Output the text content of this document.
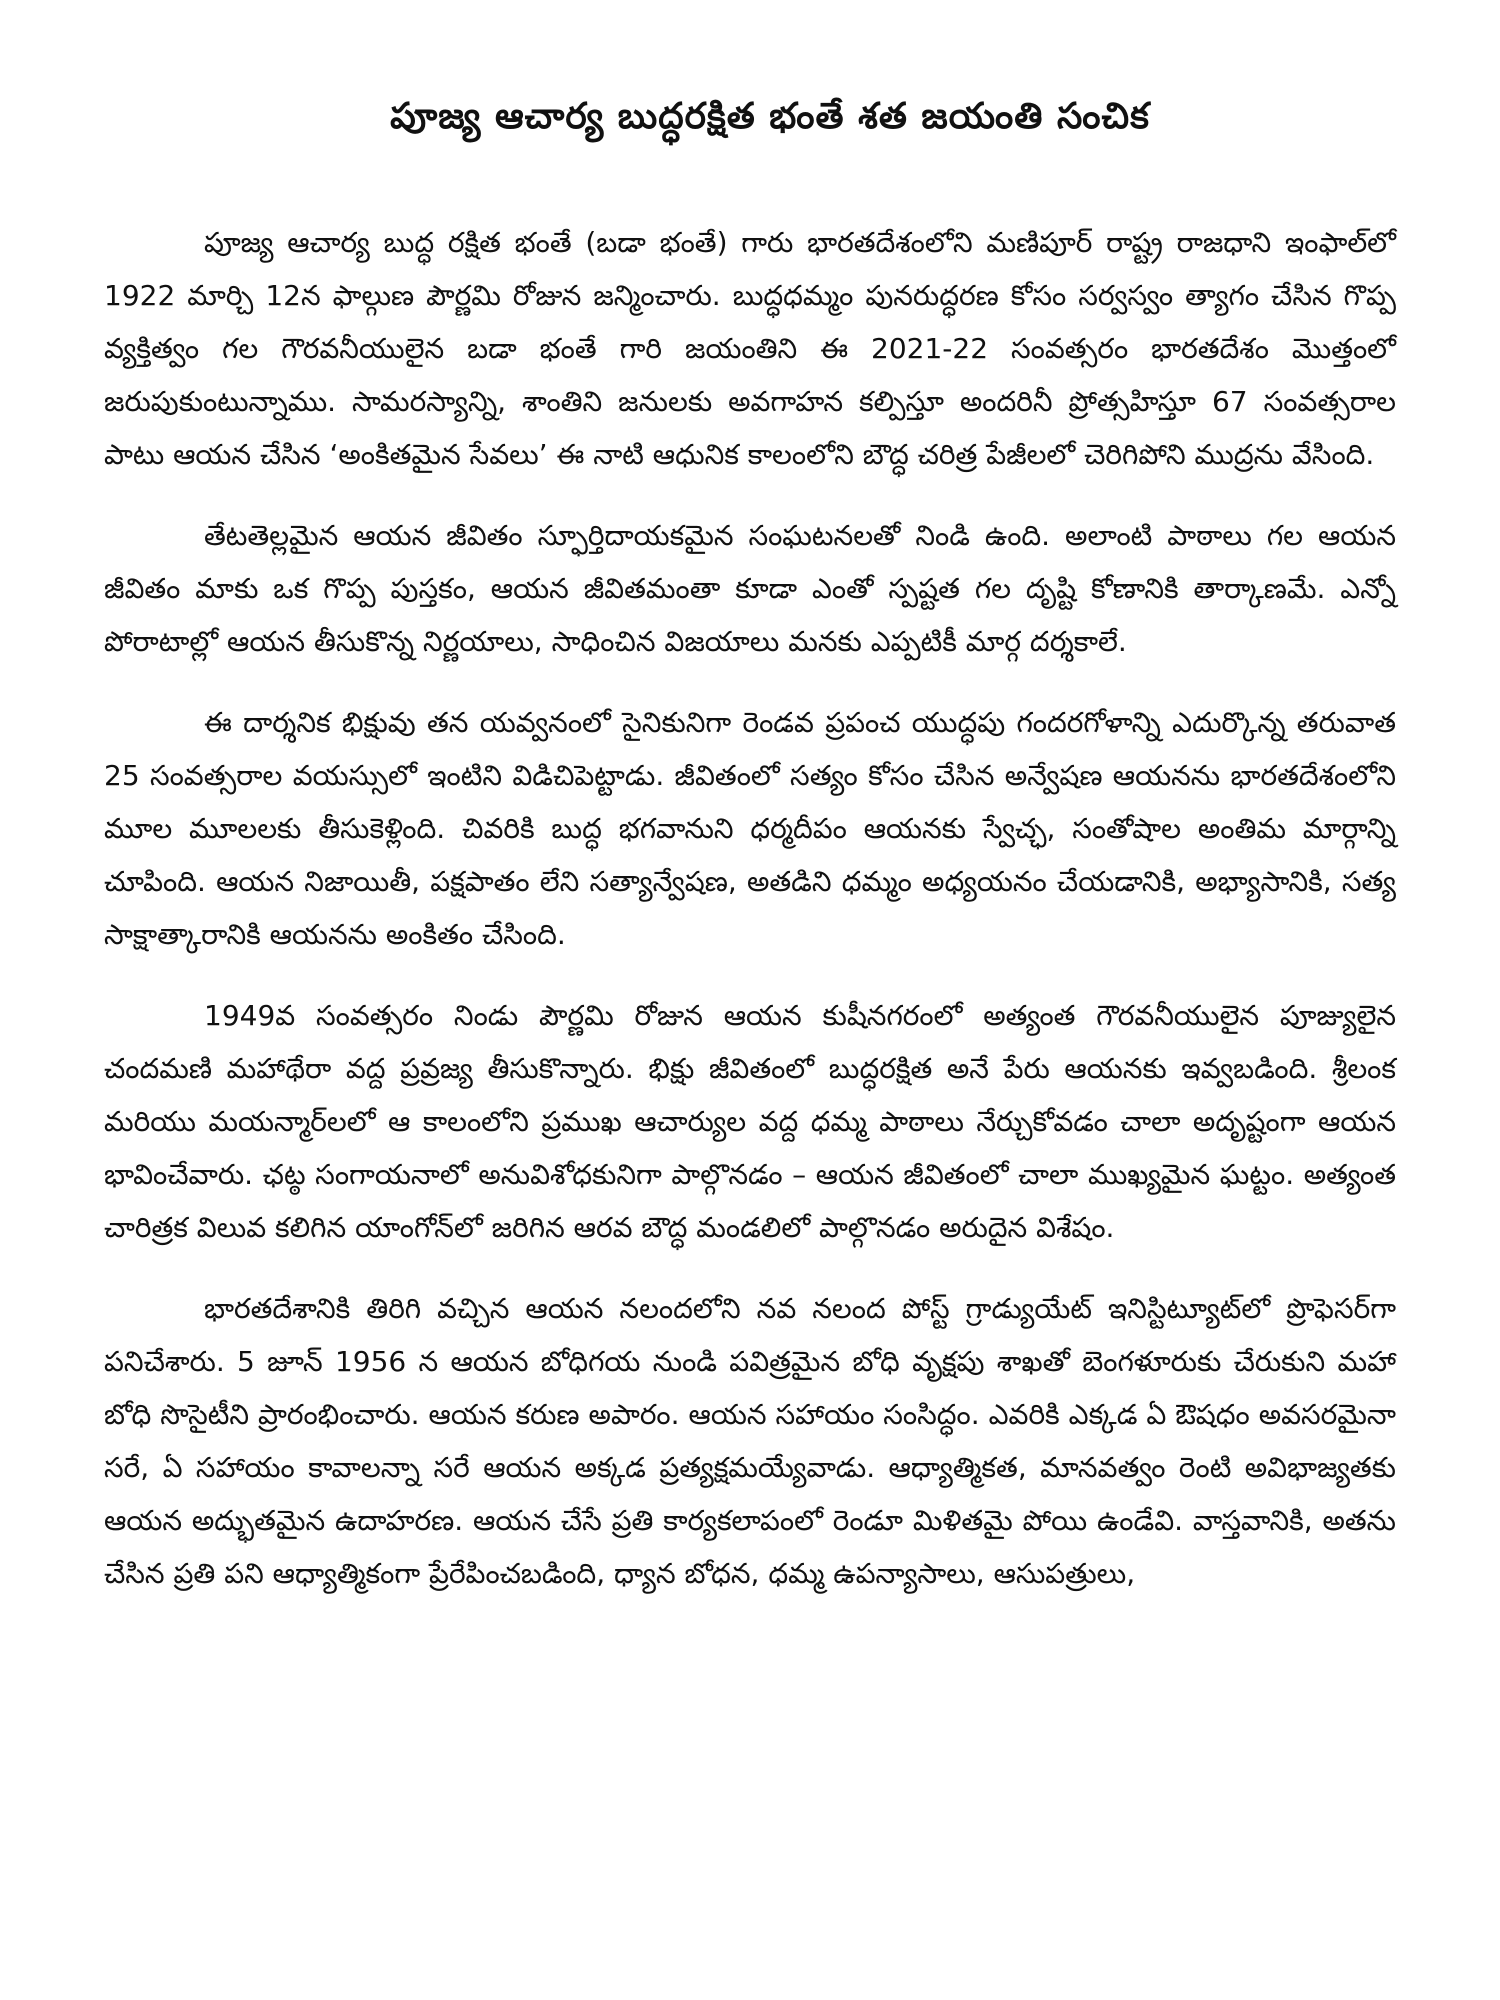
పూజ్య ఆచార్య బుద్ధరక్షిత భంతే శత జయంతి సంచిక

పూజ్య ఆచార్య బుద్ధ రక్షిత భంతే (బడా భంతే) గారు భారతదేశంలోని మణిపూర్ రాష్ట్ర రాజధాని ఇంఫాల్‌లో 1922 మార్చి 12న ఫాల్గుణ పౌర్ణమి రోజున జన్మించారు. బుద్ధధమ్మం పునరుద్ధరణ కోసం సర్వస్వం త్యాగం చేసిన గొప్ప వ్యక్తిత్వం గల గౌరవనీయులైన బడా భంతే గారి జయంతిని ఈ 2021-22 సంవత్సరం భారతదేశం మొత్తంలో జరుపుకుంటున్నాము. సామరస్యాన్ని, శాంతిని జనులకు అవగాహన కల్పిస్తూ అందరినీ ప్రోత్సహిస్తూ 67 సంవత్సరాల పాటు ఆయన చేసిన ‘అంకితమైన సేవలు’ ఈ నాటి ఆధునిక కాలంలోని బౌద్ధ చరిత్ర పేజీలలో చెరిగిపోని ముద్రను వేసింది.

తేటతెల్లమైన ఆయన జీవితం స్ఫూర్తిదాయకమైన సంఘటనలతో నిండి ఉంది. అలాంటి పాఠాలు గల ఆయన జీవితం మాకు ఒక గొప్ప పుస్తకం, ఆయన జీవితమంతా కూడా ఎంతో స్పష్టత గల దృష్టి కోణానికి తార్కాణమే. ఎన్నో పోరాటాల్లో ఆయన తీసుకొన్న నిర్ణయాలు, సాధించిన విజయాలు మనకు ఎప్పటికీ మార్గ దర్శకాలే.

ఈ దార్శనిక భిక్షువు తన యవ్వనంలో సైనికునిగా రెండవ ప్రపంచ యుద్ధపు గందరగోళాన్ని ఎదుర్కొన్న తరువాత 25 సంవత్సరాల వయస్సులో ఇంటిని విడిచిపెట్టాడు. జీవితంలో సత్యం కోసం చేసిన అన్వేషణ ఆయనను భారతదేశంలోని మూల మూలలకు తీసుకెళ్లింది. చివరికి బుద్ధ భగవానుని ధర్మదీపం ఆయనకు స్వేచ్ఛ, సంతోషాల అంతిమ మార్గాన్ని చూపింది. ఆయన నిజాయితీ, పక్షపాతం లేని సత్యాన్వేషణ, అతడిని ధమ్మం అధ్యయనం చేయడానికి, అభ్యాసానికి, సత్య సాక్షాత్కారానికి ఆయనను అంకితం చేసింది.

1949వ సంవత్సరం నిండు పౌర్ణమి రోజున ఆయన కుషీనగరంలో అత్యంత గౌరవనీయులైన పూజ్యులైన చందమణి మహాథేరా వద్ద ప్రవ్రజ్య తీసుకొన్నారు. భిక్షు జీవితంలో బుద్ధరక్షిత అనే పేరు ఆయనకు ఇవ్వబడింది. శ్రీలంక మరియు మయన్మార్‌లలో ఆ కాలంలోని ప్రముఖ ఆచార్యుల వద్ద ధమ్మ పాఠాలు నేర్చుకోవడం చాలా అదృష్టంగా ఆయన భావించేవారు. ఛట్ఠ సంగాయనాలో అనువిశోధకునిగా పాల్గొనడం – ఆయన జీవితంలో చాలా ముఖ్యమైన ఘట్టం. అత్యంత చారిత్రక విలువ కలిగిన యాంగోన్‌లో జరిగిన ఆరవ బౌద్ధ మండలిలో పాల్గొనడం అరుదైన విశేషం.

భారతదేశానికి తిరిగి వచ్చిన ఆయన నలందలోని నవ నలంద పోస్ట్ గ్రాడ్యుయేట్ ఇనిస్టిట్యూట్‌లో ప్రొఫెసర్‌గా పనిచేశారు. 5 జూన్ 1956 న ఆయన బోధిగయ నుండి పవిత్రమైన బోధి వృక్షపు శాఖతో బెంగళూరుకు చేరుకుని మహా బోధి సొసైటీని ప్రారంభించారు. ఆయన కరుణ అపారం. ఆయన సహాయం సంసిద్ధం. ఎవరికి ఎక్కడ ఏ ఔషధం అవసరమైనా సరే, ఏ సహాయం కావాలన్నా సరే ఆయన అక్కడ ప్రత్యక్షమయ్యేవాడు. ఆధ్యాత్మికత, మానవత్వం రెంటి అవిభాజ్యతకు ఆయన అద్భుతమైన ఉదాహరణ. ఆయన చేసే ప్రతి కార్యకలాపంలో రెండూ మిళితమై పోయి ఉండేవి. వాస్తవానికి, అతను చేసిన ప్రతి పని ఆధ్యాత్మికంగా ప్రేరేపించబడింది, ధ్యాన బోధన, ధమ్మ ఉపన్యాసాలు, ఆసుపత్రులు,
